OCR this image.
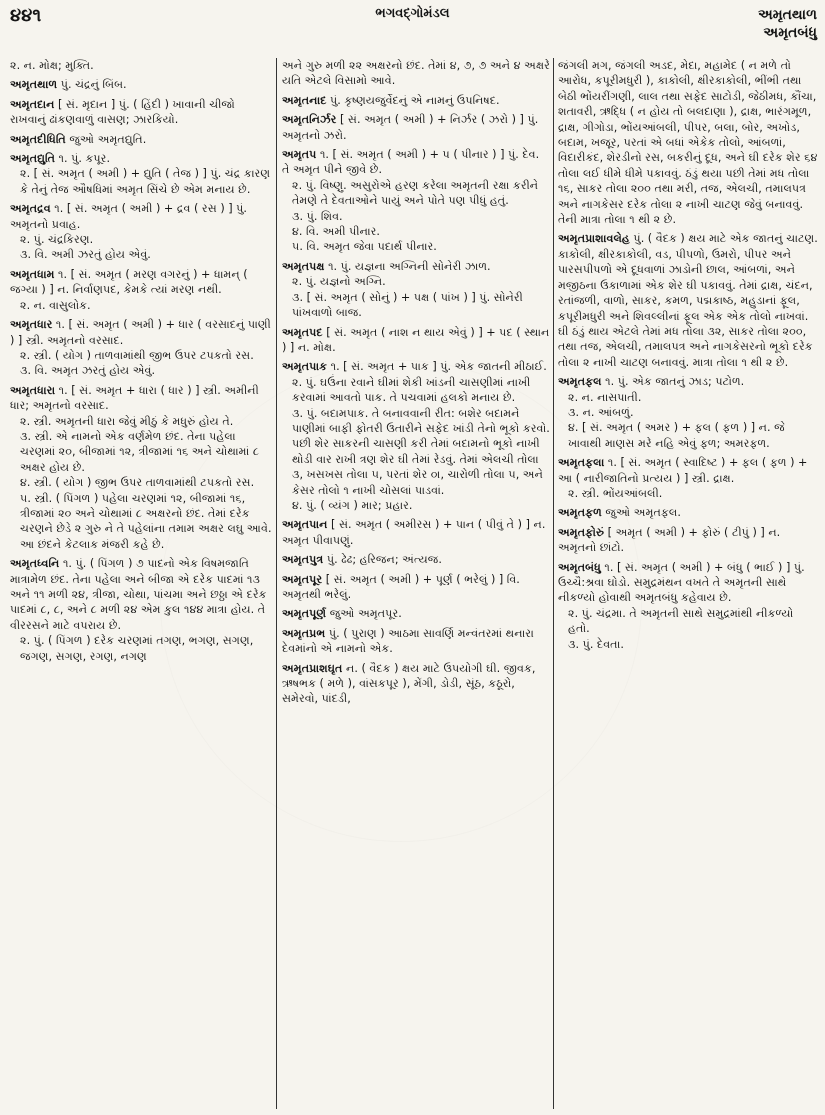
૪૪૧	ભગવદ્ગોમંડલ	અમૃતથાળ
અમૃતબંધુ

૨. ન. મોક્ષ; મુક્તિ.

અમૃતથાળ પું. ચંદ્રનું બિંબ.

અમૃતદાન [ સં. મૃદાન ] પું. ( હિંદી ) ખાવાની ચીજો રાખવાનું ઢાંકણવાળું વાસણ; ઝારકિયો.

અમૃતદીધિતિ જુઓ અમૃતદ્યુતિ.

અમૃતદ્યુતિ ૧. પું. કપૂર.

૨. [ સં. અમૃત ( અમી ) + દ્યુતિ ( તેજ ) ] પું. ચંદ્ર કારણ કે તેનું તેજ ઔષધિમાં અમૃત સિંચે છે એમ મનાય છે.

અમૃતદ્રવ ૧. [ સં. અમૃત ( અમી ) + દ્રવ ( રસ ) ] પું. અમૃતનો પ્રવાહ.

૨. પું. ચંદ્રકિરણ.
૩. વિ. અમી ઝરતું હોય એવું.

અમૃતધામ ૧. [ સં. અમૃત ( મરણ વગરનું ) + ધામન્ ( જગ્યા ) ] ન. નિર્વાણપદ, કેમકે ત્યાં મરણ નથી.

૨. ન. વાસુલોક.

અમૃતધાર ૧. [ સં. અમૃત ( અમી ) + ધાર ( વરસાદનું પાણી ) ] સ્ત્રી. અમૃતનો વરસાદ.

૨. સ્ત્રી. ( યોગ ) તાળવામાંથી જીભ ઉપર ટપકતો રસ.
૩. વિ. અમૃત ઝરતું હોય એવું.

અમૃતધારા ૧. [ સં. અમૃત + ધારા ( ધાર ) ] સ્ત્રી. અમીની ધાર; અમૃતનો વરસાદ.

૨. સ્ત્રી. અમૃતની ધારા જેવું મીઠું કે મધુરું હોય તે.
૩. સ્ત્રી. એ નામનો એક વર્ણમેળ છંદ. તેના પહેલા ચરણમાં ૨૦, બીજામાં ૧૨, ત્રીજામાં ૧૬ અને ચોથામાં ૮ અક્ષર હોય છે.
૪. સ્ત્રી. ( યોગ ) જીભ ઉપર તાળવામાંથી ટપકતો રસ.
૫. સ્ત્રી. ( પિંગળ ) પહેલા ચરણમાં ૧૨, બીજામાં ૧૬, ત્રીજામાં ૨૦ અને ચોથામાં ૮ અક્ષરનો છંદ. તેમાં દરેક ચરણને છેડે ૨ ગુરુ ને તે પહેલાંના તમામ અક્ષર લઘુ આવે. આ છંદને કેટલાક મંજરી કહે છે.

અમૃતધ્વનિ ૧. પું. ( પિંગળ ) ૭ પાદનો એક વિષમજાતિ માત્રામેળ છંદ. તેના પહેલા અને બીજા એ દરેક પાદમાં ૧૩ અને ૧૧ મળી ૨૪, ત્રીજા, ચોથા, પાંચમા અને છઠ્ઠા એ દરેક પાદમાં ૮, ૮, અને ૮ મળી ૨૪ એમ કુલ ૧૪૪ માત્રા હોય. તે વીરરસને માટે વપરાય છે.

૨. પું. ( પિંગળ ) દરેક ચરણમાં તગણ, ભગણ, સગણ, જગણ, સગણ, રગણ, નગણ

અને ગુરુ મળી ૨૨ અક્ષરનો છંદ. તેમાં ૪, ૭, ૭ અને ૪ અક્ષરે યતિ એટલે વિસામો આવે.

અમૃતનાદ પું. કૃષ્ણયજુર્વેદનું એ નામનું ઉપનિષદ.

અમૃતનિર્ઝર [ સં. અમૃત ( અમી ) + નિર્ઝર ( ઝરો ) ] પું. અમૃતનો ઝરો.

અમૃતપ ૧. [ સં. અમૃત ( અમી ) + પ ( પીનાર ) ] પું. દેવ. તે અમૃત પીને જીવે છે.

૨. પું. વિષ્ણુ. અસુરોએ હરણ કરેલા અમૃતની રક્ષા કરીને તેમણે તે દેવતાઓને પાયું અને પોતે પણ પીધું હતું.
૩. પું. શિવ.
૪. વિ. અમી પીનાર.
૫. વિ. અમૃત જેવા પદાર્થ પીનાર.

અમૃતપક્ષ ૧. પું. યજ્ઞના અગ્નિની સોનેરી ઝાળ.

૨. પું. યજ્ઞનો અગ્નિ.
૩. [ સં. અમૃત ( સોનું ) + પક્ષ ( પાંખ ) ] પું. સોનેરી પાંખવાળો બાજ.

અમૃતપદ [ સં. અમૃત ( નાશ ન થાય એવું ) ] + પદ ( સ્થાન ) ] ન. મોક્ષ.

અમૃતપાક ૧. [ સં. અમૃત + પાક ] પું. એક જાતની મીઠાઈ.

૨. પું. ઘઉંના રવાને ઘીમાં શેકી ખાંડની ચાસણીમાં નાખી કરવામાં આવતો પાક. તે પચવામાં હલકો મનાય છે.
૩. પું. બદામપાક. તે બનાવવાની રીત: બશેર બદામને પાણીમાં બાફી ફોતરી ઉતારીને સફેદ ખાંડી તેનો ભૂકો કરવો. પછી શેર સાકરની ચાસણી કરી તેમાં બદામનો ભૂકો નાખી થોડી વાર રાખી ત્રણ શેર ઘી તેમાં રેડવું. તેમાં એલચી તોલા ૩, ખસખસ તોલા ૫, પરતાં શેર ૦।, ચારોળી તોલા ૫, અને કેસર તોલો ૧ નાખી ચોસલાં પાડવાં.
૪. પું. ( વ્યંગ ) માર; પ્રહાર.

અમૃતપાન [ સં. અમૃત ( અમીરસ ) + પાન ( પીવું તે ) ] ન. અમૃત પીવાપણું.

અમૃતપુત્ર પું. ઢેઢ; હરિજન; અંત્યજ.

અમૃતપૂર [ સં. અમૃત ( અમી ) + પૂર્ણ ( ભરેલું ) ] વિ. અમૃતથી ભરેલું.

અમૃતપૂર્ણ જુઓ અમૃતપૂર.

અમૃતપ્રભ પું. ( પુરાણ ) આઠમા સાવર્ણિ મન્વંતરમાં થનારા દેવમાંનો એ નામનો એક.

અમૃતપ્રાશઘૃત ન. ( વૈદક ) ક્ષય માટે ઉપયોગી ઘી. જીવક, ઋષભક ( મળે ), વાંસકપૂર ), મેંગી, ડોડી, સૂંઠ, કઠૂરો, સમેરવો, પાંદડી,

જંગલી મગ, જંગલી અડદ, મેદા, મહામેદ ( ન મળે તો આરોધ, કપૂરીમધુરી ), કાકોલી, ક્ષીરકાકોલી, ભીંભી તથા બેઠી ભોંયરીંગણી, લાલ તથા સફેદ સાટોડી, જેઠીમધ, કૌંચા, શતાવરી, ઋદ્ધિ ( ન હોય તો બલદાણા ), દ્રાક્ષ, ભારંગમૂળ, દ્રાક્ષ, ગીગોડા, ભોંયઆંબલી, પીપર, બલા, બોર, અખોડ, બદામ, ખજૂર, પરતાં એ બધાં એકેક તોલો, આંબળાં, વિદારીકંદ, શેરડીનો રસ, બકરીનું દૂધ, અને ઘી દરેક શેર ૬૪ તોલા લઈ ધીમે ધીમે પકાવવું. ઠંડું થયા પછી તેમાં મધ તોલા ૧૬, સાકર તોલા ૨૦૦ તથા મરી, તજ, એલચી, તમાલપત્ર અને નાગકેસર દરેક તોલા ૨ નાખી ચાટણ જેવું બનાવવું. તેની માત્રા તોલા ૧ થી ૨ છે.

અમૃતપ્રાશાવલેહ પું. ( વૈદક ) ક્ષય માટે એક જાતનું ચાટણ. કાકોલી, ક્ષીરકાકોલી, વડ, પીપળો, ઉમરો, પીપર અને પારસપીપળો એ દૂધવાળાં ઝાડોની છાલ, આંબળાં, અને મજીઠના ઉકાળામાં એક શેર ઘી પકાવવું. તેમાં દ્રાક્ષ, ચંદન, રતાંજળી, વાળો, સાકર, કમળ, પદ્મકાષ્ઠ, મહુડાનાં ફૂલ, કપૂરીમધુરી અને શિવલ્લીનાં ફૂલ એક એક તોલો નાખવાં. ઘી ઠંડું થાય એટલે તેમાં મધ તોલા ૩૨, સાકર તોલા ૨૦૦, તથા તજ, એલચી, તમાલપત્ર અને નાગકેસરનો ભૂકો દરેક તોલા ૨ નાખી ચાટણ બનાવવું. માત્રા તોલા ૧ થી ૨ છે.

અમૃતફલ ૧. પું. એક જાતનું ઝાડ; પટોળ.

૨. ન. નાસપાતી.
૩. ન. આંબળું.
૪. [ સં. અમૃત ( અમર ) + ફલ ( ફળ ) ] ન. જે ખાવાથી માણસ મરે નહિ એવું ફળ; અમરફળ.

અમૃતફલા ૧. [ સં. અમૃત ( સ્વાદિષ્ટ ) + ફલ ( ફળ ) + આ ( નારીજાતિનો પ્રત્યય ) ] સ્ત્રી. દ્રાક્ષ.

૨. સ્ત્રી. ભોંયઆંબલી.

અમૃતફળ જુઓ અમૃતફલ.

અમૃતફોરું [ અમૃત ( અમી ) + ફોરું ( ટીપું ) ] ન. અમૃતનો છાંટો.

અમૃતબંધુ ૧. [ સં. અમૃત ( અમી ) + બંધુ ( ભાઈ ) ] પું. ઉચ્ચૈ:શ્રવા ઘોડો. સમુદ્રમંથન વખતે તે અમૃતની સાથે નીકળ્યો હોવાથી અમૃતબંધુ કહેવાય છે.

૨. પું. ચંદ્રમા. તે અમૃતની સાથે સમુદ્રમાંથી નીકળ્યો હતો.
૩. પું. દેવતા.
